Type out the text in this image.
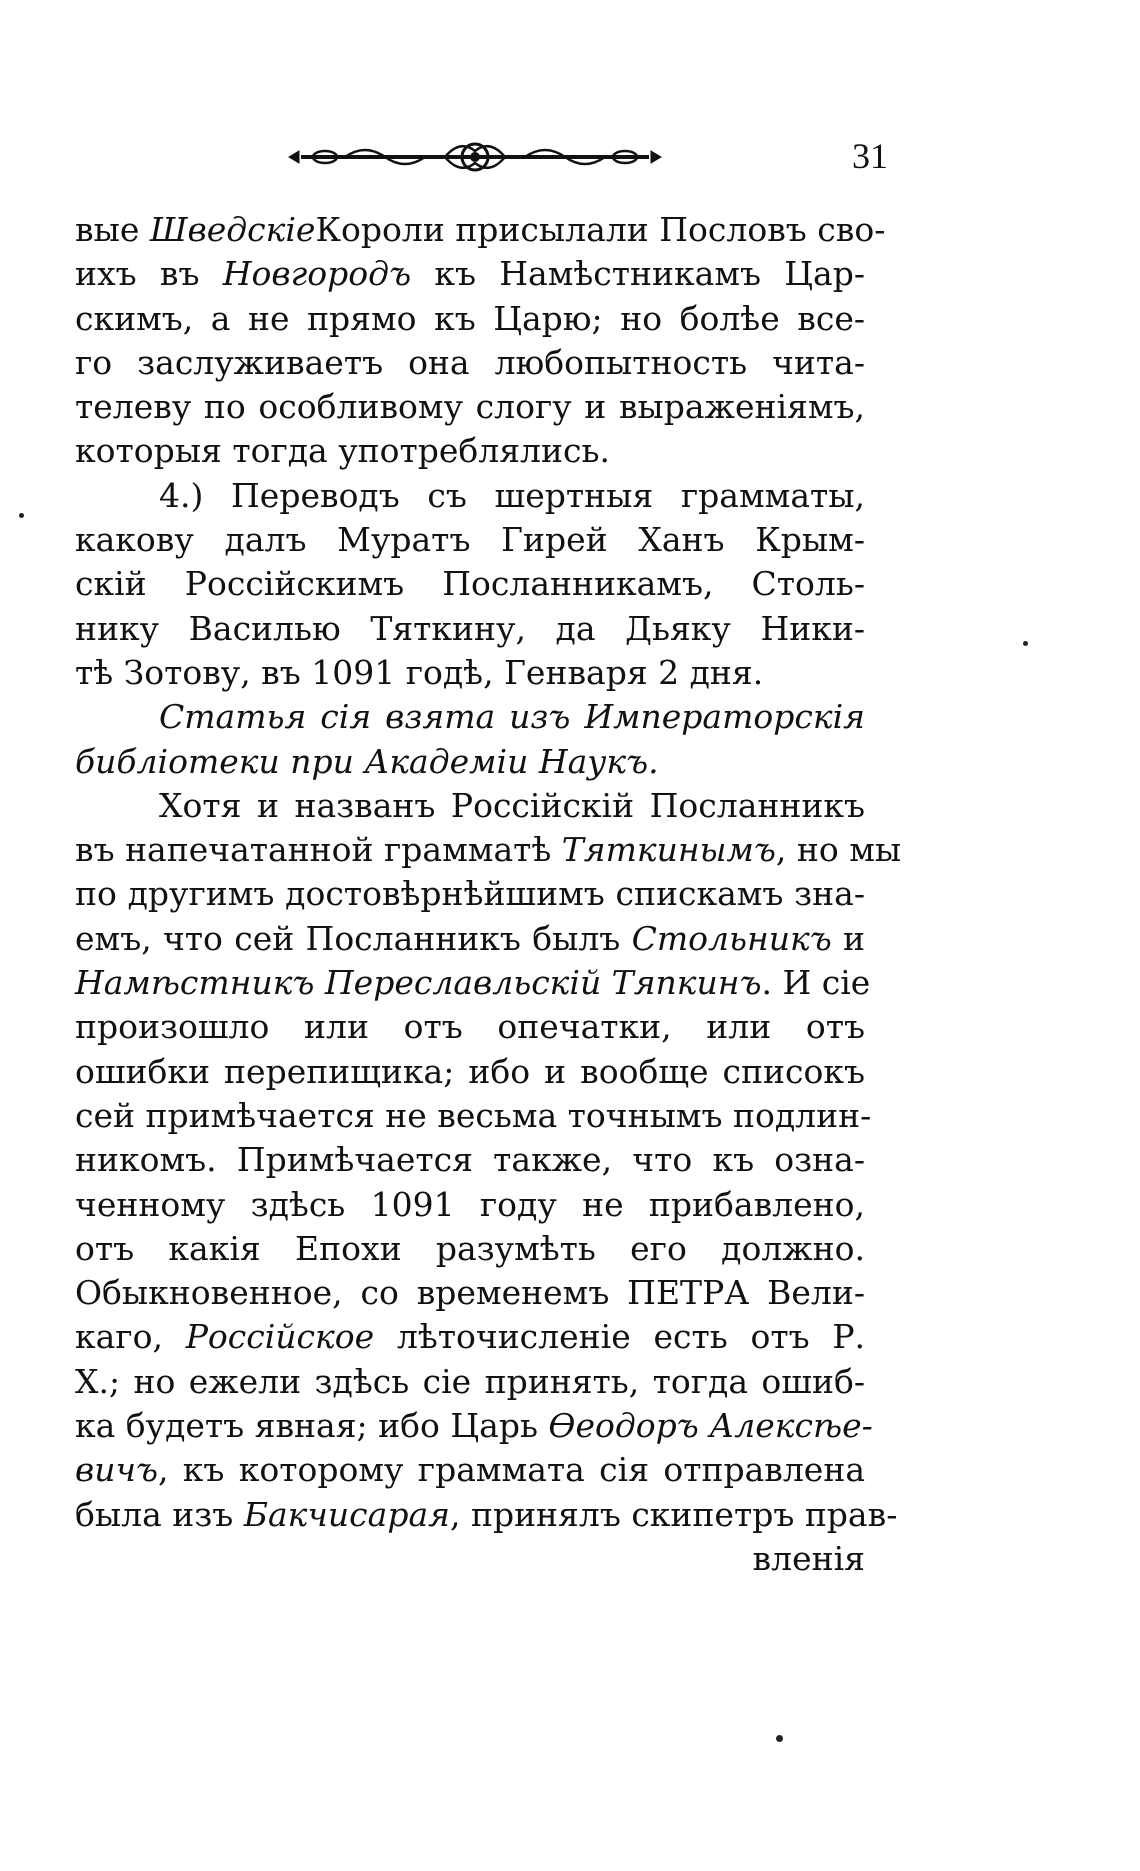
31
вые ШведскіеКороли присылали Пословъ сво-
ихъ въ Новгородъ къ Намѣстникамъ Цар-
скимъ, а не прямо къ Царю; но болѣе все-
го заслуживаетъ она любопытность чита-
телеву по особливому слогу и выраженіямъ,
которыя тогда употреблялись.
4.) Переводъ съ шертныя грамматы,
какову далъ Муратъ Гирей Ханъ Крым-
скій Россійскимъ Посланникамъ, Столь-
нику Василью Тяткину, да Дьяку Ники-
тѣ Зотову, въ 1091 годѣ, Генваря 2 дня.
Статья сія взята изъ Императорскія
библіотеки при Академіи Наукъ.
Хотя и названъ Россійскій Посланникъ
въ напечатанной грамматѣ Тяткинымъ, но мы
по другимъ достовѣрнѣйшимъ спискамъ зна-
емъ, что сей Посланникъ былъ Стольникъ и
Намѣстникъ Переславльскій Тяпкинъ. И сіе
произошло или отъ опечатки, или отъ
ошибки перепищика; ибо и вообще списокъ
сей примѣчается не весьма точнымъ подлин-
никомъ. Примѣчается также, что къ озна-
ченному здѣсь 1091 году не прибавлено,
отъ какія Епохи разумѣть его должно.
Обыкновенное, со временемъ ПЕТРА Вели-
каго, Россійское лѣточисленіе есть отъ Р.
Х.; но ежели здѣсь сіе принять, тогда ошиб-
ка будетъ явная; ибо Царь Өеодоръ Алексѣе-
вичъ, къ которому граммата сія отправлена
была изъ Бакчисарая, принялъ скипетръ прав-
вленія
